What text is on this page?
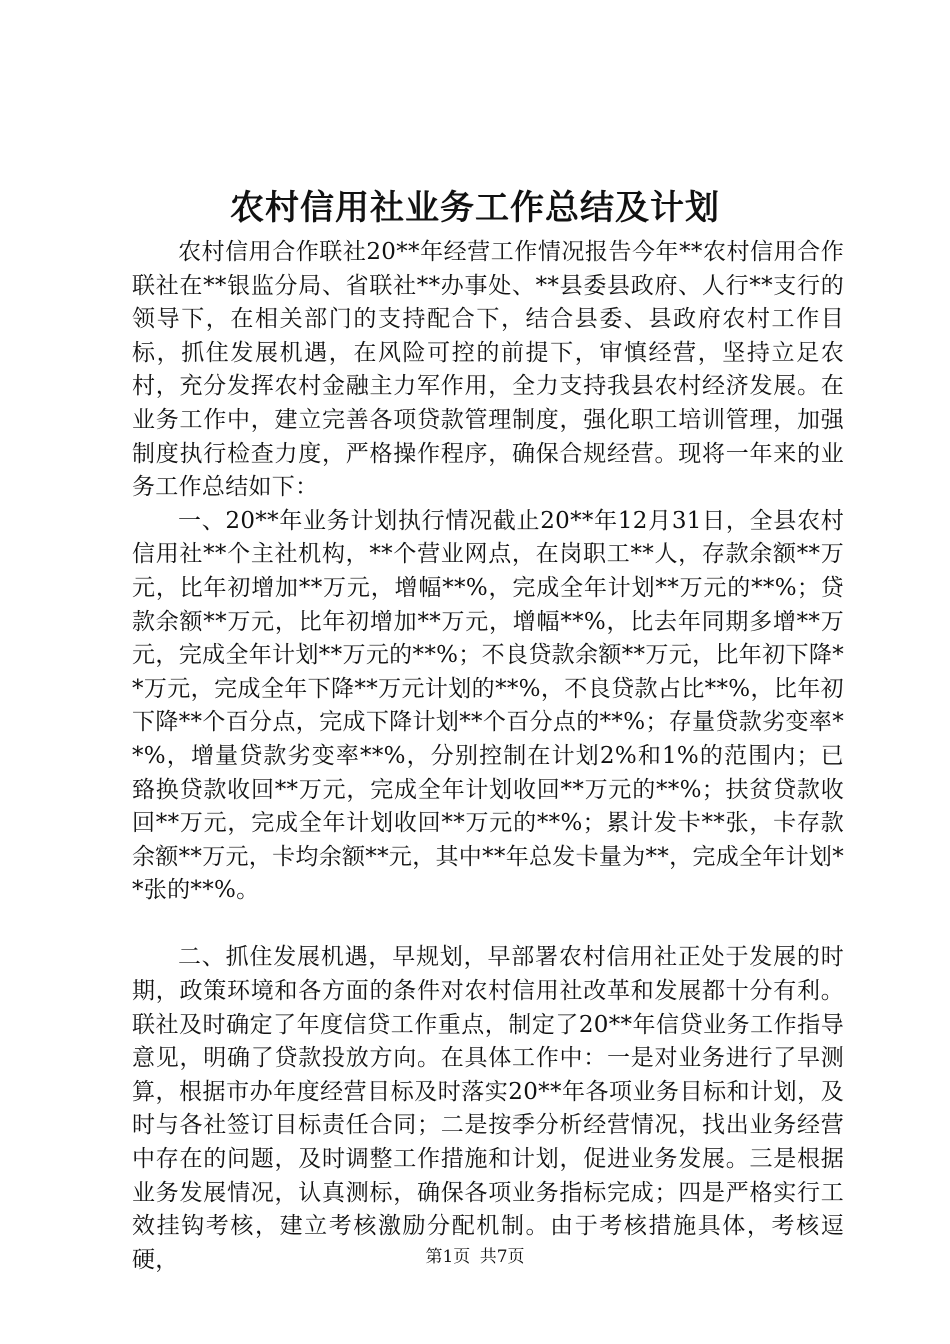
农村信用社业务工作总结及计划

农村信用合作联社20**年经营工作情况报告今年**农村信用合作联社在**银监分局、省联社**办事处、**县委县政府、人行**支行的领导下，在相关部门的支持配合下，结合县委、县政府农村工作目标，抓住发展机遇，在风险可控的前提下，审慎经营，坚持立足农村，充分发挥农村金融主力军作用，全力支持我县农村经济发展。在业务工作中，建立完善各项贷款管理制度，强化职工培训管理，加强制度执行检查力度，严格操作程序，确保合规经营。现将一年来的业务工作总结如下：

一、20**年业务计划执行情况截止20**年12月31日，全县农村信用社**个主社机构，**个营业网点，在岗职工**人，存款余额**万元，比年初增加**万元，增幅**%，完成全年计划**万元的**%；贷款余额**万元，比年初增加**万元，增幅**%，比去年同期多增**万元，完成全年计划**万元的**%；不良贷款余额**万元，比年初下降**万元，完成全年下降**万元计划的**%，不良贷款占比**%，比年初下降**个百分点，完成下降计划**个百分点的**%；存量贷款劣变率**%，增量贷款劣变率**%，分别控制在计划2%和1%的范围内；已臵换贷款收回**万元，完成全年计划收回**万元的**%；扶贫贷款收回**万元，完成全年计划收回**万元的**%；累计发卡**张，卡存款余额**万元，卡均余额**元，其中**年总发卡量为**，完成全年计划**张的**%。

二、抓住发展机遇，早规划，早部署农村信用社正处于发展的时期，政策环境和各方面的条件对农村信用社改革和发展都十分有利。联社及时确定了年度信贷工作重点，制定了20**年信贷业务工作指导意见，明确了贷款投放方向。在具体工作中：一是对业务进行了早测算，根据市办年度经营目标及时落实20**年各项业务目标和计划，及时与各社签订目标责任合同；二是按季分析经营情况，找出业务经营中存在的问题，及时调整工作措施和计划，促进业务发展。三是根据业务发展情况，认真测标，确保各项业务指标完成；四是严格实行工效挂钩考核，建立考核激励分配机制。由于考核措施具体，考核逗硬，	第1页 共7页
